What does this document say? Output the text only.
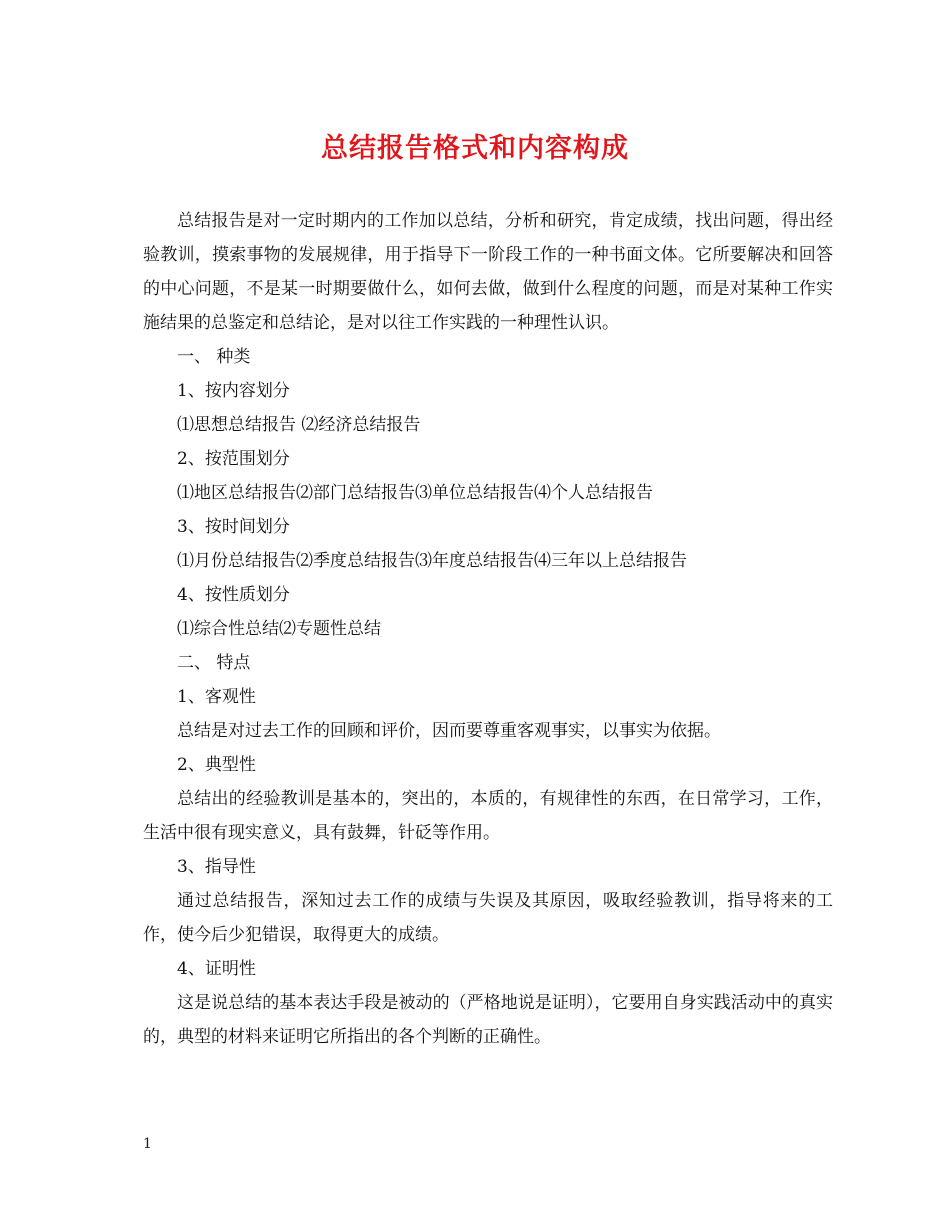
总结报告格式和内容构成

总结报告是对一定时期内的工作加以总结，分析和研究，肯定成绩，找出问题，得出经验教训，摸索事物的发展规律，用于指导下一阶段工作的一种书面文体。它所要解决和回答的中心问题，不是某一时期要做什么，如何去做，做到什么程度的问题，而是对某种工作实施结果的总鉴定和总结论，是对以往工作实践的一种理性认识。

一、 种类

1、按内容划分

⑴思想总结报告 ⑵经济总结报告

2、按范围划分

⑴地区总结报告⑵部门总结报告⑶单位总结报告⑷个人总结报告

3、按时间划分

⑴月份总结报告⑵季度总结报告⑶年度总结报告⑷三年以上总结报告

4、按性质划分

⑴综合性总结⑵专题性总结

二、 特点

1、客观性

总结是对过去工作的回顾和评价，因而要尊重客观事实，以事实为依据。

2、典型性

总结出的经验教训是基本的，突出的，本质的，有规律性的东西，在日常学习，工作，生活中很有现实意义，具有鼓舞，针砭等作用。

3、指导性

通过总结报告，深知过去工作的成绩与失误及其原因，吸取经验教训，指导将来的工作，使今后少犯错误，取得更大的成绩。

4、证明性

这是说总结的基本表达手段是被动的（严格地说是证明），它要用自身实践活动中的真实的，典型的材料来证明它所指出的各个判断的正确性。

1
